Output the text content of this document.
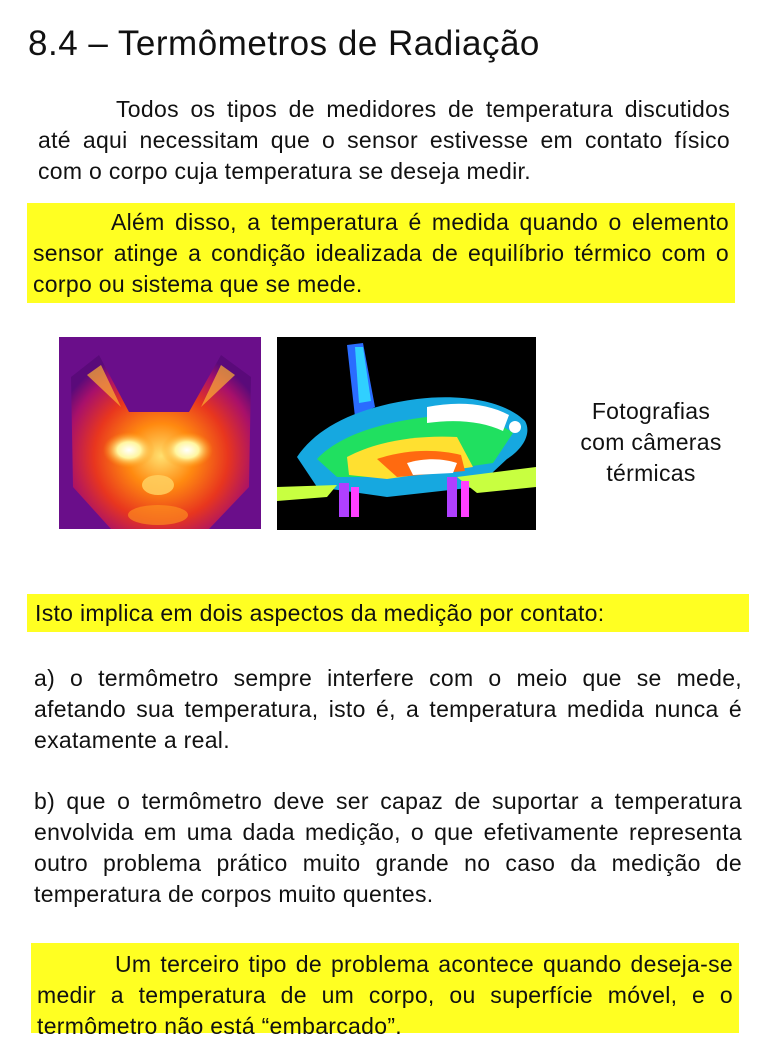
8.4 – Termômetros de Radiação

Todos os tipos de medidores de temperatura discutidos até aqui necessitam que o sensor estivesse em contato físico com o corpo cuja temperatura se deseja medir.

Além disso, a temperatura é medida quando o elemento sensor atinge a condição idealizada de equilíbrio térmico com o corpo ou sistema que se mede.

Fotografias
com câmeras
térmicas

Isto implica em dois aspectos da medição por contato:

a) o termômetro sempre interfere com o meio que se mede, afetando sua temperatura, isto é, a temperatura medida nunca é exatamente a real.

b) que o termômetro deve ser capaz de suportar a temperatura envolvida em uma dada medição, o que efetivamente representa outro problema prático muito grande no caso da medição de temperatura de corpos muito quentes.

Um terceiro tipo de problema acontece quando deseja-se medir a temperatura de um corpo, ou superfície móvel, e o termômetro não está “embarcado”.
